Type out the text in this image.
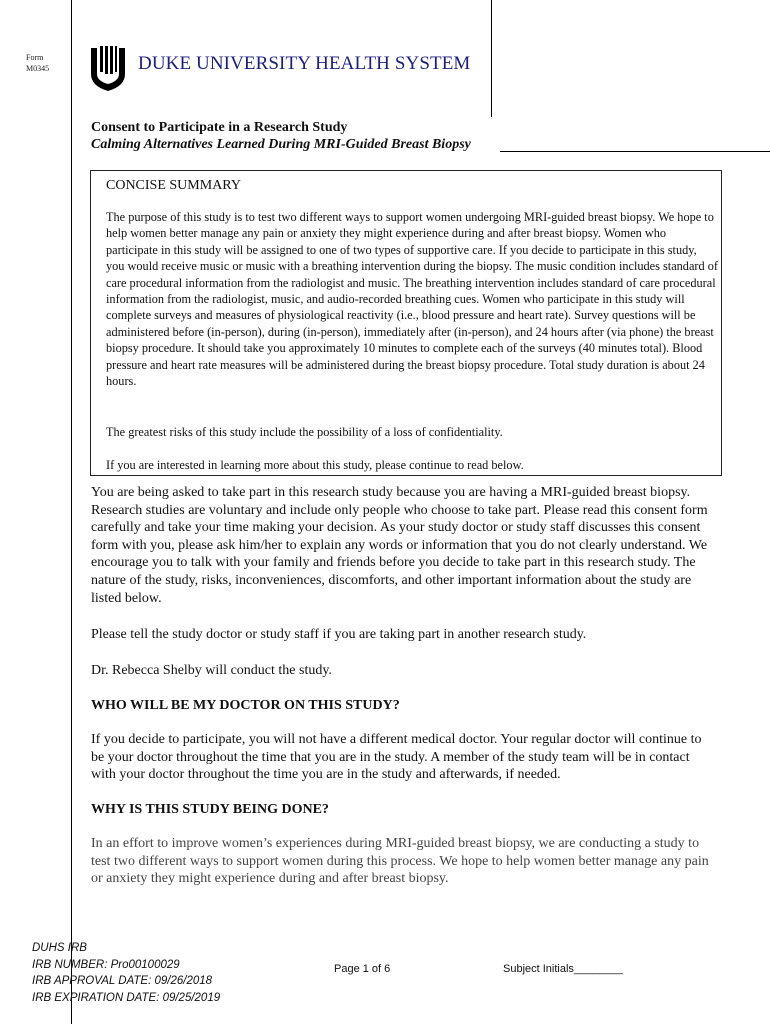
Form M0345	DUKE UNIVERSITY HEALTH SYSTEM
Consent to Participate in a Research Study
Calming Alternatives Learned During MRI-Guided Breast Biopsy
CONCISE SUMMARY

The purpose of this study is to test two different ways to support women undergoing MRI-guided breast biopsy. We hope to help women better manage any pain or anxiety they might experience during and after breast biopsy. Women who participate in this study will be assigned to one of two types of supportive care. If you decide to participate in this study, you would receive music or music with a breathing intervention during the biopsy. The music condition includes standard of care procedural information from the radiologist and music. The breathing intervention includes standard of care procedural information from the radiologist, music, and audio-recorded breathing cues. Women who participate in this study will complete surveys and measures of physiological reactivity (i.e., blood pressure and heart rate). Survey questions will be administered before (in-person), during (in-person), immediately after (in-person), and 24 hours after (via phone) the breast biopsy procedure. It should take you approximately 10 minutes to complete each of the surveys (40 minutes total). Blood pressure and heart rate measures will be administered during the breast biopsy procedure. Total study duration is about 24 hours.

The greatest risks of this study include the possibility of a loss of confidentiality.

If you are interested in learning more about this study, please continue to read below.

You are being asked to take part in this research study because you are having a MRI-guided breast biopsy. Research studies are voluntary and include only people who choose to take part. Please read this consent form carefully and take your time making your decision. As your study doctor or study staff discusses this consent form with you, please ask him/her to explain any words or information that you do not clearly understand. We encourage you to talk with your family and friends before you decide to take part in this research study. The nature of the study, risks, inconveniences, discomforts, and other important information about the study are listed below.

Please tell the study doctor or study staff if you are taking part in another research study.

Dr. Rebecca Shelby will conduct the study.

WHO WILL BE MY DOCTOR ON THIS STUDY?

If you decide to participate, you will not have a different medical doctor. Your regular doctor will continue to be your doctor throughout the time that you are in the study. A member of the study team will be in contact with your doctor throughout the time you are in the study and afterwards, if needed.

WHY IS THIS STUDY BEING DONE?

In an effort to improve women’s experiences during MRI-guided breast biopsy, we are conducting a study to test two different ways to support women during this process. We hope to help women better manage any pain or anxiety they might experience during and after breast biopsy.

DUHS IRB
IRB NUMBER: Pro00100029
IRB APPROVAL DATE: 09/26/2018
IRB EXPIRATION DATE: 09/25/2019
Page 1 of 6	Subject Initials________
